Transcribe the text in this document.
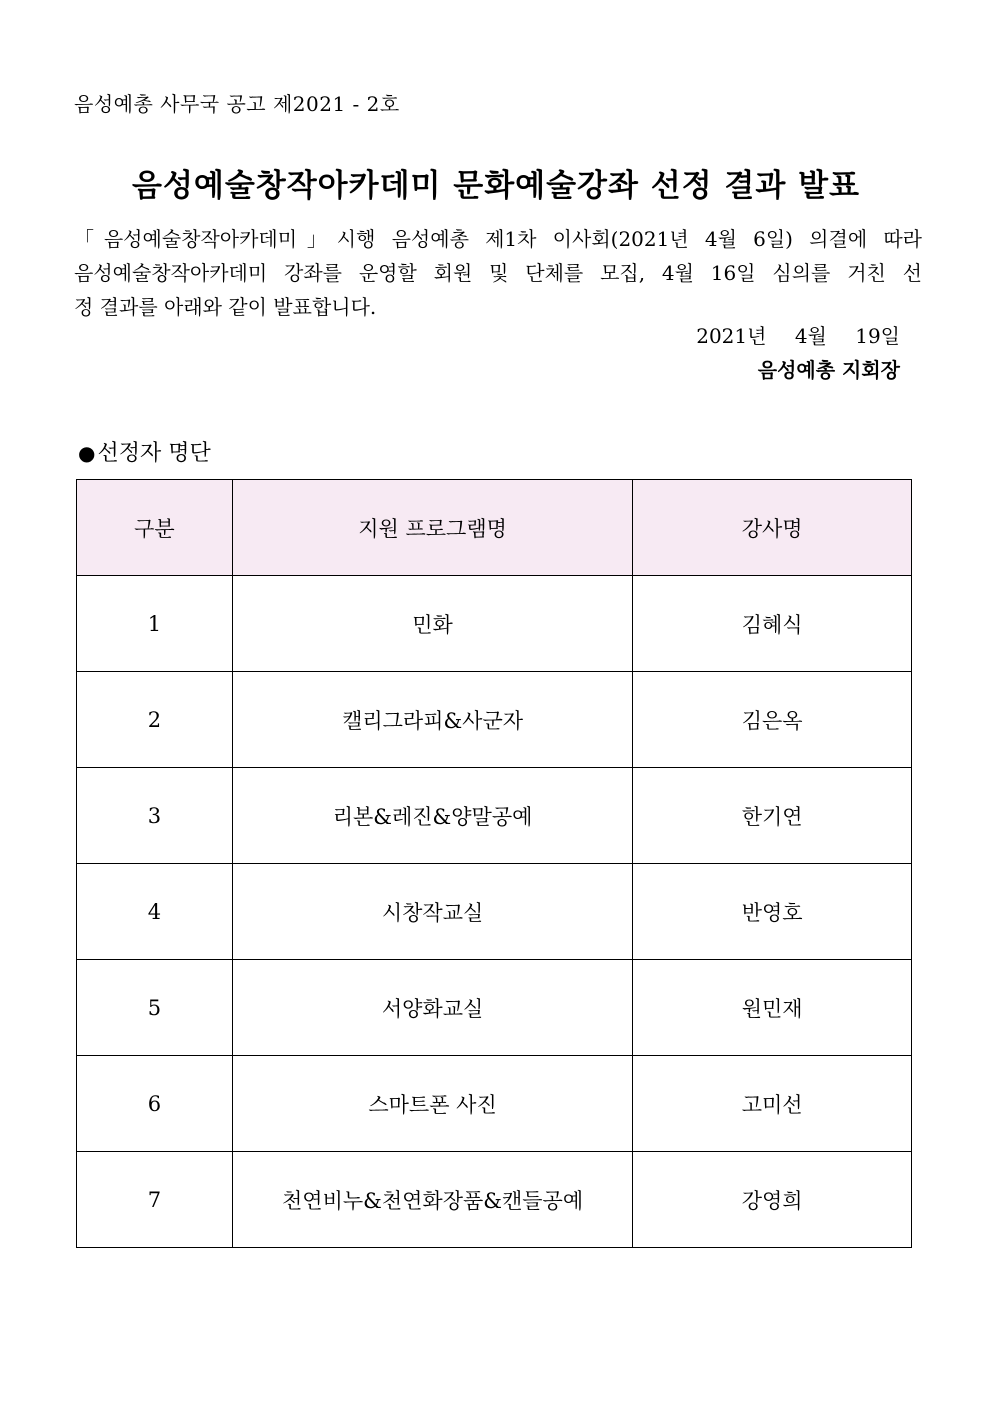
음성예총 사무국 공고 제2021 - 2호
음성예술창작아카데미 문화예술강좌 선정 결과 발표
「음성예술창작아카데미」시행 음성예총 제1차 이사회(2021년 4월 6일) 의결에 따라
음성예술창작아카데미 강좌를 운영할 회원 및 단체를 모집, 4월 16일 심의를 거친 선
정 결과를 아래와 같이 발표합니다.
2021년 4월 19일
음성예총 지회장
●선정자 명단
구분	지원 프로그램명	강사명
1	민화	김혜식
2	캘리그라피&사군자	김은옥
3	리본&레진&양말공예	한기연
4	시창작교실	반영호
5	서양화교실	원민재
6	스마트폰 사진	고미선
7	천연비누&천연화장품&캔들공예	강영희
